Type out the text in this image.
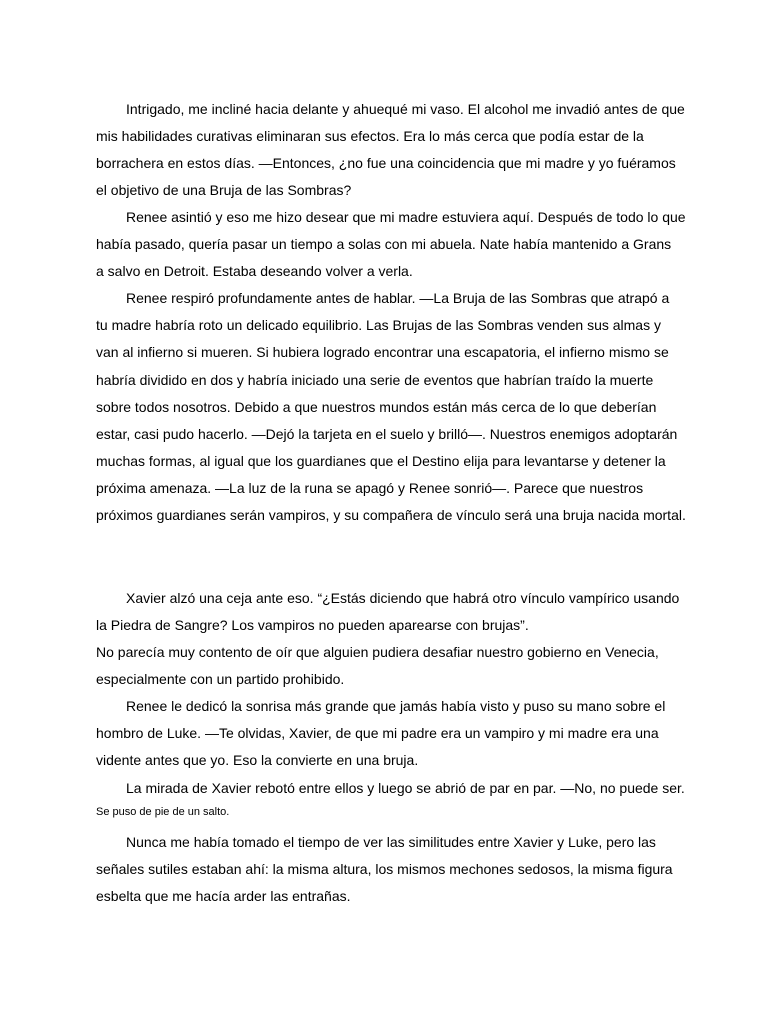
Intrigado, me incliné hacia delante y ahuequé mi vaso. El alcohol me invadió antes de que
mis habilidades curativas eliminaran sus efectos. Era lo más cerca que podía estar de la
borrachera en estos días. —Entonces, ¿no fue una coincidencia que mi madre y yo fuéramos
el objetivo de una Bruja de las Sombras?
Renee asintió y eso me hizo desear que mi madre estuviera aquí. Después de todo lo que
había pasado, quería pasar un tiempo a solas con mi abuela. Nate había mantenido a Grans
a salvo en Detroit. Estaba deseando volver a verla.
Renee respiró profundamente antes de hablar. —La Bruja de las Sombras que atrapó a
tu madre habría roto un delicado equilibrio. Las Brujas de las Sombras venden sus almas y
van al infierno si mueren. Si hubiera logrado encontrar una escapatoria, el infierno mismo se
habría dividido en dos y habría iniciado una serie de eventos que habrían traído la muerte
sobre todos nosotros. Debido a que nuestros mundos están más cerca de lo que deberían
estar, casi pudo hacerlo. —Dejó la tarjeta en el suelo y brilló—. Nuestros enemigos adoptarán
muchas formas, al igual que los guardianes que el Destino elija para levantarse y detener la
próxima amenaza. —La luz de la runa se apagó y Renee sonrió—. Parece que nuestros
próximos guardianes serán vampiros, y su compañera de vínculo será una bruja nacida mortal.
Xavier alzó una ceja ante eso. “¿Estás diciendo que habrá otro vínculo vampírico usando
la Piedra de Sangre? Los vampiros no pueden aparearse con brujas”.
No parecía muy contento de oír que alguien pudiera desafiar nuestro gobierno en Venecia,
especialmente con un partido prohibido.
Renee le dedicó la sonrisa más grande que jamás había visto y puso su mano sobre el
hombro de Luke. —Te olvidas, Xavier, de que mi padre era un vampiro y mi madre era una
vidente antes que yo. Eso la convierte en una bruja.
La mirada de Xavier rebotó entre ellos y luego se abrió de par en par. —No, no puede ser.
Se puso de pie de un salto.
Nunca me había tomado el tiempo de ver las similitudes entre Xavier y Luke, pero las
señales sutiles estaban ahí: la misma altura, los mismos mechones sedosos, la misma figura
esbelta que me hacía arder las entrañas.
